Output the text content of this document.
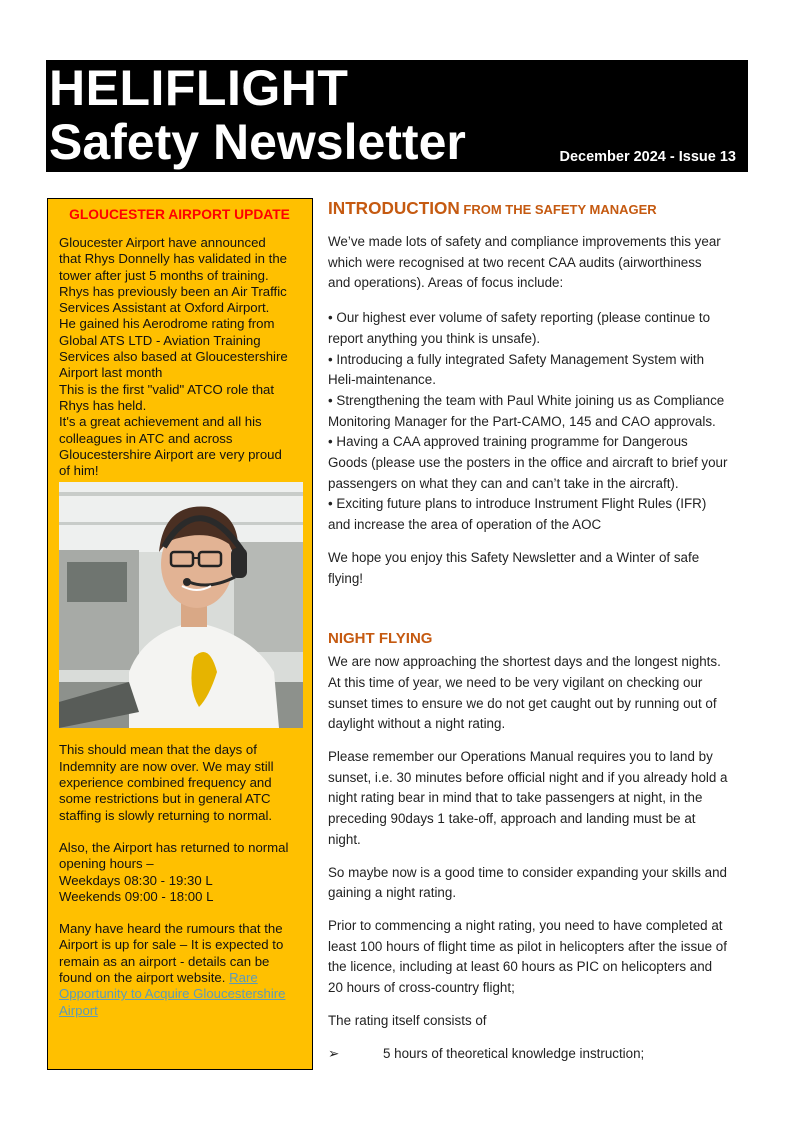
HELIFLIGHT
Safety Newsletter	December 2024 - Issue 13
GLOUCESTER AIRPORT UPDATE

Gloucester Airport have announced
that Rhys Donnelly has validated in the
tower after just 5 months of training.
Rhys has previously been an Air Traffic
Services Assistant at Oxford Airport.
He gained his Aerodrome rating from
Global ATS LTD - Aviation Training
Services also based at Gloucestershire
Airport last month
This is the first "valid" ATCO role that
Rhys has held.
It's a great achievement and all his
colleagues in ATC and across
Gloucestershire Airport are very proud
of him!

This should mean that the days of
Indemnity are now over. We may still
experience combined frequency and
some restrictions but in general ATC
staffing is slowly returning to normal.

Also, the Airport has returned to normal
opening hours –
Weekdays 08:30 - 19:30 L
Weekends 09:00 - 18:00 L

Many have heard the rumours that the
Airport is up for sale – It is expected to
remain as an airport - details can be
found on the airport website. Rare
Opportunity to Acquire Gloucestershire
Airport

INTRODUCTION FROM THE SAFETY MANAGER

We’ve made lots of safety and compliance improvements this year
which were recognised at two recent CAA audits (airworthiness
and operations). Areas of focus include:

• Our highest ever volume of safety reporting (please continue to
report anything you think is unsafe).

• Introducing a fully integrated Safety Management System with
Heli-maintenance.

• Strengthening the team with Paul White joining us as Compliance
Monitoring Manager for the Part-CAMO, 145 and CAO approvals.

• Having a CAA approved training programme for Dangerous
Goods (please use the posters in the office and aircraft to brief your
passengers on what they can and can’t take in the aircraft).

• Exciting future plans to introduce Instrument Flight Rules (IFR)
and increase the area of operation of the AOC

We hope you enjoy this Safety Newsletter and a Winter of safe
flying!

NIGHT FLYING

We are now approaching the shortest days and the longest nights.
At this time of year, we need to be very vigilant on checking our
sunset times to ensure we do not get caught out by running out of
daylight without a night rating.

Please remember our Operations Manual requires you to land by
sunset, i.e. 30 minutes before official night and if you already hold a
night rating bear in mind that to take passengers at night, in the
preceding 90days 1 take-off, approach and landing must be at
night.

So maybe now is a good time to consider expanding your skills and
gaining a night rating.

Prior to commencing a night rating, you need to have completed at
least 100 hours of flight time as pilot in helicopters after the issue of
the licence, including at least 60 hours as PIC on helicopters and
20 hours of cross-country flight;

The rating itself consists of

➢	5 hours of theoretical knowledge instruction;
